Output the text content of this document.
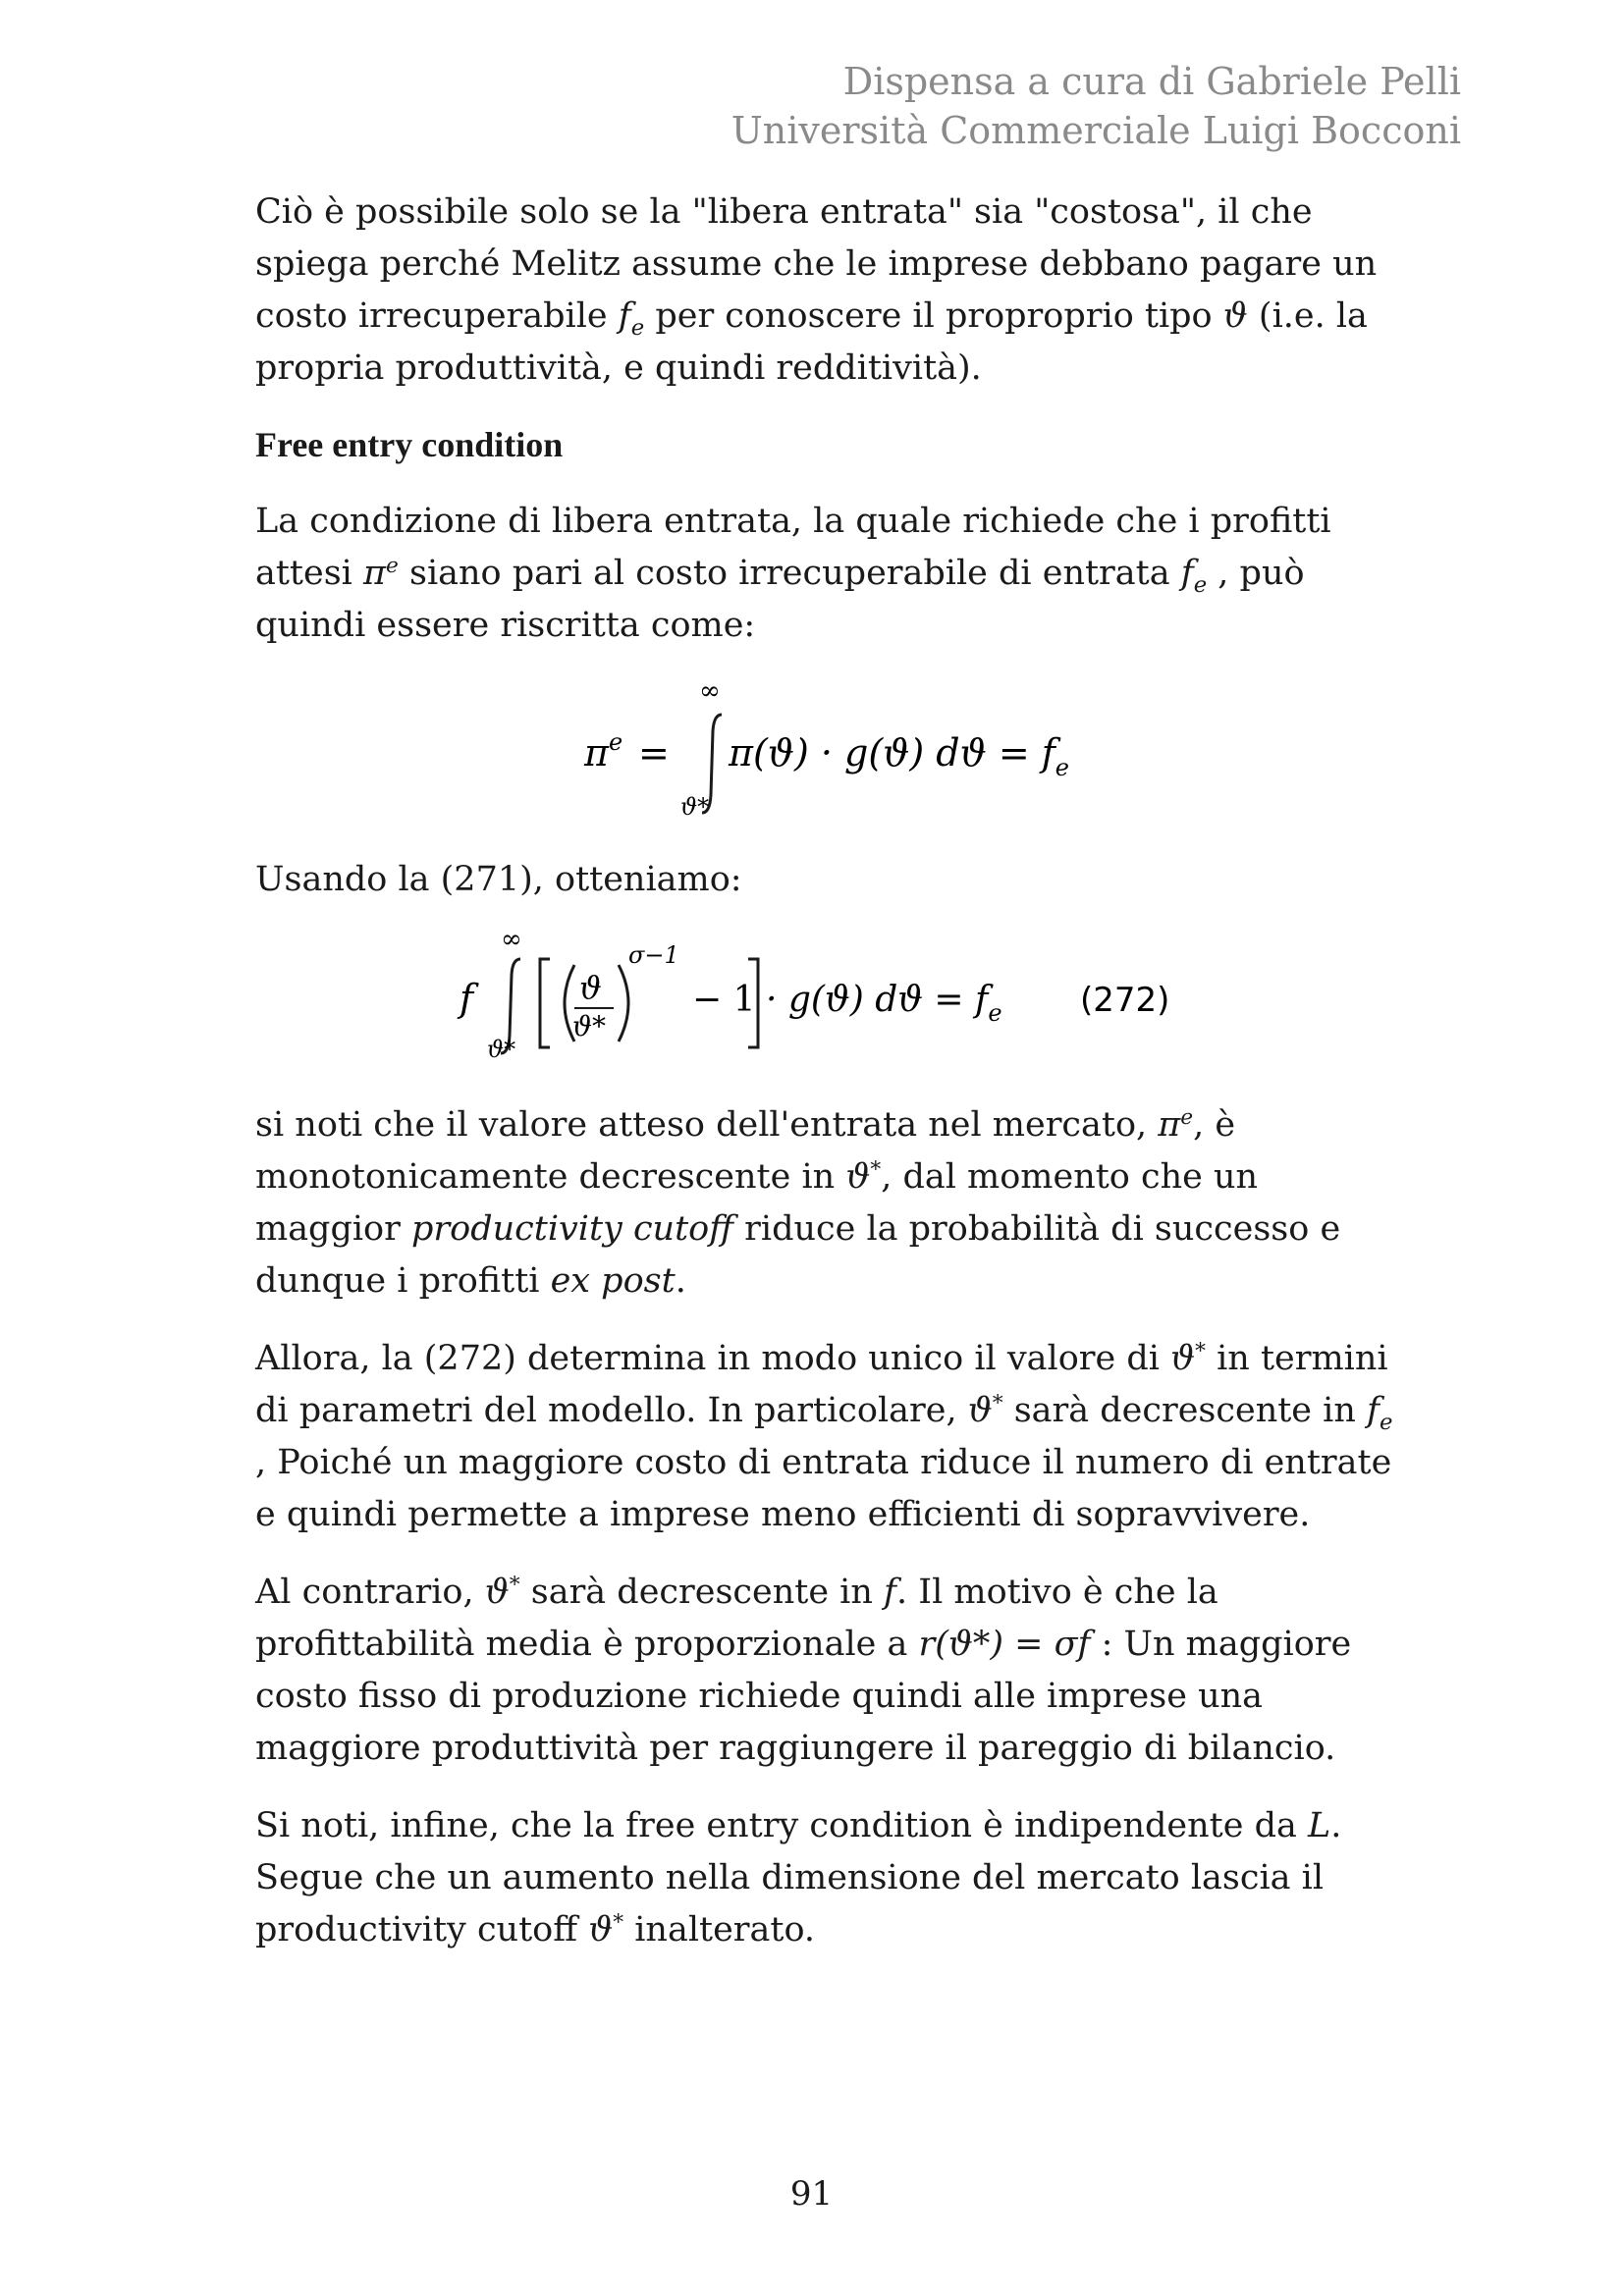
Dispensa a cura di Gabriele Pelli
Università Commerciale Luigi Bocconi

Ciò è possibile solo se la "libera entrata" sia "costosa", il che spiega perché Melitz assume che le imprese debbano pagare un costo irrecuperabile $f_e$ per conoscere il proproprio tipo ϑ (i.e. la propria produttività, e quindi redditività).

Free entry condition

La condizione di libera entrata, la quale richiede che i profitti attesi $\pi^e$ siano pari al costo irrecuperabile di entrata $f_e$ , può quindi essere riscritta come:

$\pi^e$ =
∞
ϑ*
π(ϑ) · g(ϑ) $dϑ = f_e$

Usando la (271), otteniamo:

f
∞
ϑ*
ϑ
ϑ*
σ−1
− 1 · g(ϑ) $dϑ = f_e$ (272)

si noti che il valore atteso dell'entrata nel mercato, $\pi^e$, è monotonicamente decrescente in ϑ*, dal momento che un maggior productivity cutoff riduce la probabilità di successo e dunque i profitti ex post.

Allora, la (272) determina in modo unico il valore di ϑ* in termini di parametri del modello. In particolare, ϑ* sarà decrescente in $f_e$ , Poiché un maggiore costo di entrata riduce il numero di entrate e quindi permette a imprese meno efficienti di sopravvivere.

Al contrario, ϑ* sarà decrescente in f. Il motivo è che la profittabilità media è proporzionale a r(ϑ*) = σf : Un maggiore costo fisso di produzione richiede quindi alle imprese una maggiore produttività per raggiungere il pareggio di bilancio.

Si noti, infine, che la free entry condition è indipendente da L. Segue che un aumento nella dimensione del mercato lascia il productivity cutoff ϑ* inalterato.

91
